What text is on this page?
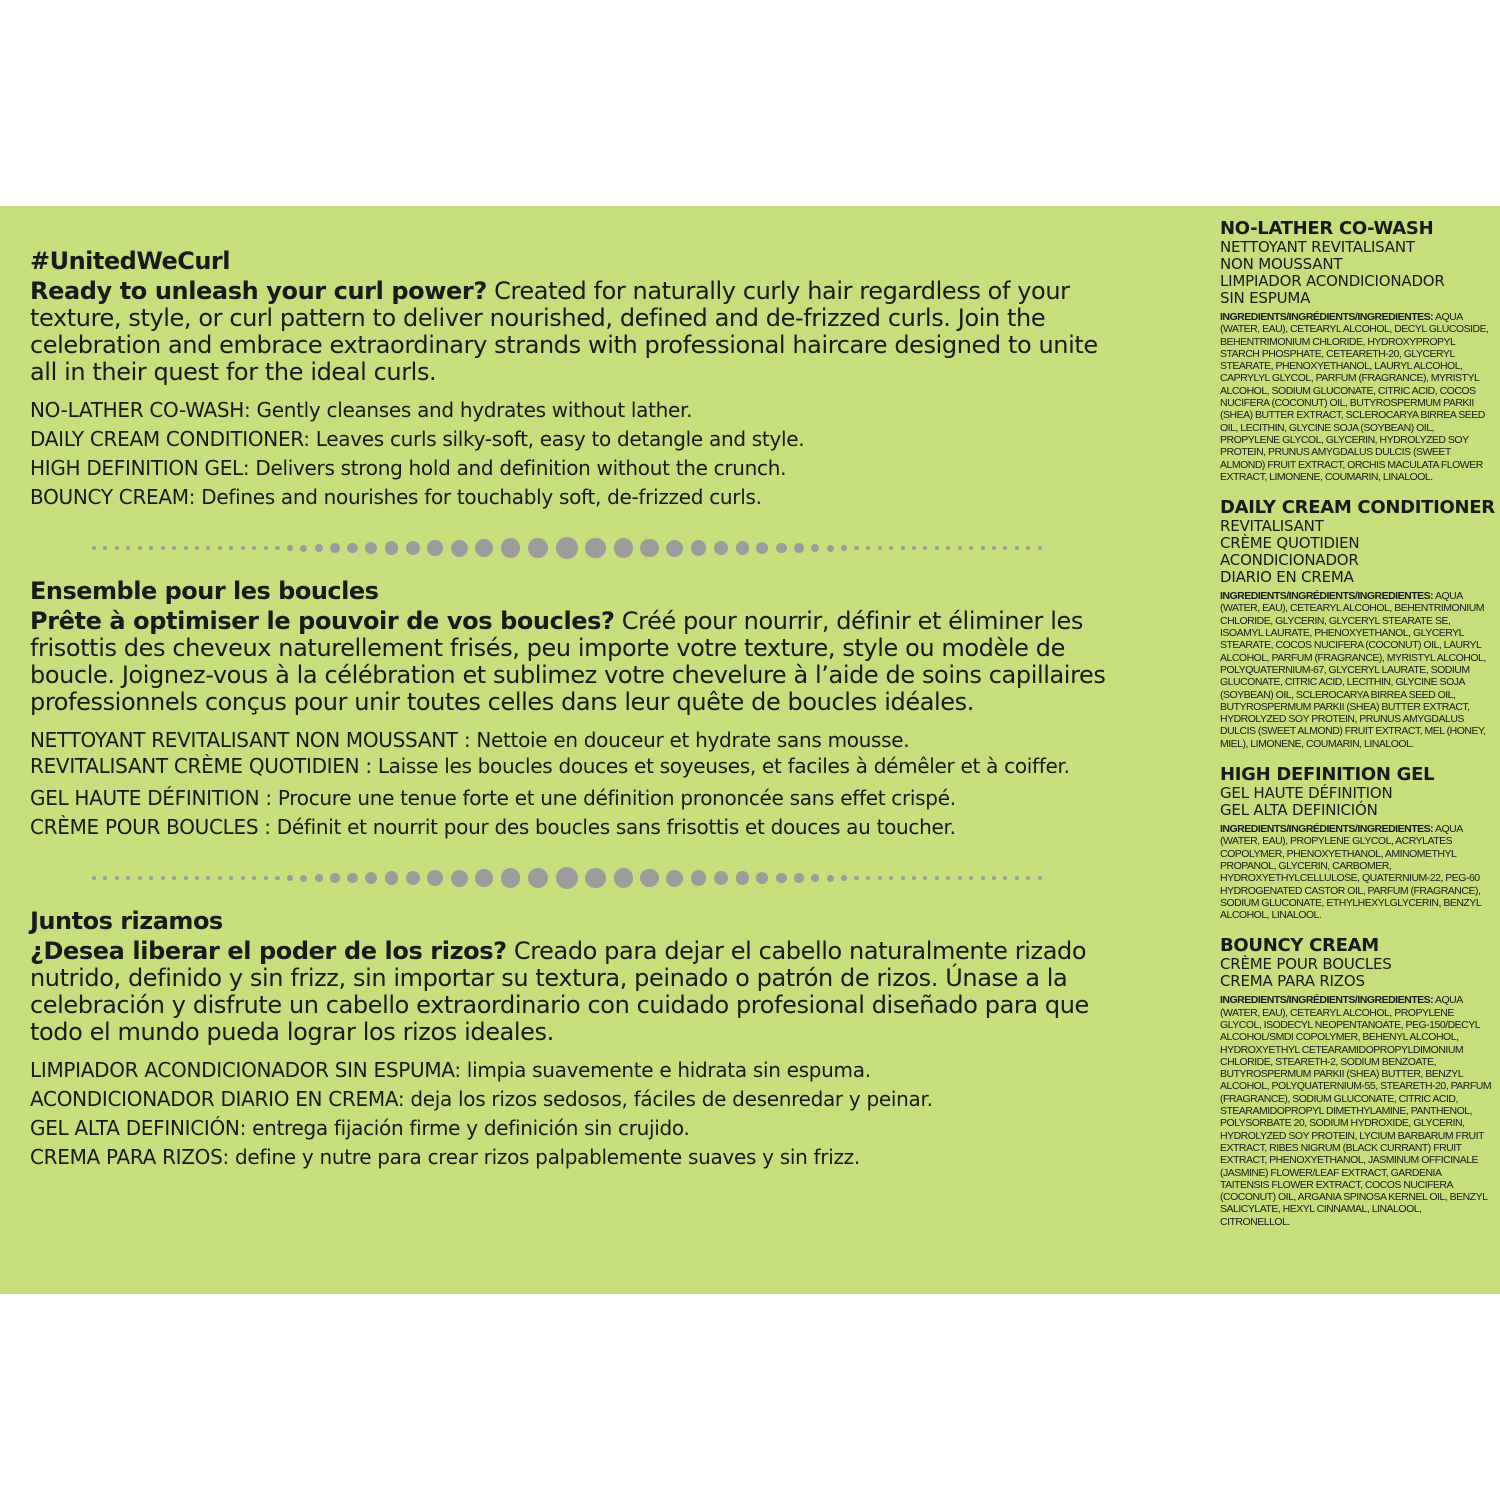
#UnitedWeCurl
Ready to unleash your curl power? Created for naturally curly hair regardless of your texture, style, or curl pattern to deliver nourished, defined and de-frizzed curls. Join the celebration and embrace extraordinary strands with professional haircare designed to unite all in their quest for the ideal curls.
NO-LATHER CO-WASH: Gently cleanses and hydrates without lather.
DAILY CREAM CONDITIONER: Leaves curls silky-soft, easy to detangle and style.
HIGH DEFINITION GEL: Delivers strong hold and definition without the crunch.
BOUNCY CREAM: Defines and nourishes for touchably soft, de-frizzed curls.
Ensemble pour les boucles
Prête à optimiser le pouvoir de vos boucles? Créé pour nourrir, définir et éliminer les frisottis des cheveux naturellement frisés, peu importe votre texture, style ou modèle de boucle. Joignez-vous à la célébration et sublimez votre chevelure à l’aide de soins capillaires professionnels conçus pour unir toutes celles dans leur quête de boucles idéales.
NETTOYANT REVITALISANT NON MOUSSANT : Nettoie en douceur et hydrate sans mousse.
REVITALISANT CRÈME QUOTIDIEN : Laisse les boucles douces et soyeuses, et faciles à démêler et à coiffer.
GEL HAUTE DÉFINITION : Procure une tenue forte et une définition prononcée sans effet crispé.
CRÈME POUR BOUCLES : Définit et nourrit pour des boucles sans frisottis et douces au toucher.
Juntos rizamos
¿Desea liberar el poder de los rizos? Creado para dejar el cabello naturalmente rizado nutrido, definido y sin frizz, sin importar su textura, peinado o patrón de rizos. Únase a la celebración y disfrute un cabello extraordinario con cuidado profesional diseñado para que todo el mundo pueda lograr los rizos ideales.
LIMPIADOR ACONDICIONADOR SIN ESPUMA: limpia suavemente e hidrata sin espuma.
ACONDICIONADOR DIARIO EN CREMA: deja los rizos sedosos, fáciles de desenredar y peinar.
GEL ALTA DEFINICIÓN: entrega fijación firme y definición sin crujido.
CREMA PARA RIZOS: define y nutre para crear rizos palpablemente suaves y sin frizz.
NO-LATHER CO-WASH
NETTOYANT REVITALISANT
NON MOUSSANT
LIMPIADOR ACONDICIONADOR
SIN ESPUMA
INGREDIENTS/INGRÉDIENTS/INGREDIENTES: AQUA (WATER, EAU), CETEARYL ALCOHOL, DECYL GLUCOSIDE, BEHENTRIMONIUM CHLORIDE, HYDROXYPROPYL STARCH PHOSPHATE, CETEARETH-20, GLYCERYL STEARATE, PHENOXYETHANOL, LAURYL ALCOHOL, CAPRYLYL GLYCOL, PARFUM (FRAGRANCE), MYRISTYL ALCOHOL, SODIUM GLUCONATE, CITRIC ACID, COCOS NUCIFERA (COCONUT) OIL, BUTYROSPERMUM PARKII (SHEA) BUTTER EXTRACT, SCLEROCARYA BIRREA SEED OIL, LECITHIN, GLYCINE SOJA (SOYBEAN) OIL, PROPYLENE GLYCOL, GLYCERIN, HYDROLYZED SOY PROTEIN, PRUNUS AMYGDALUS DULCIS (SWEET ALMOND) FRUIT EXTRACT, ORCHIS MACULATA FLOWER EXTRACT, LIMONENE, COUMARIN, LINALOOL.
DAILY CREAM CONDITIONER
REVITALISANT
CRÈME QUOTIDIEN
ACONDICIONADOR
DIARIO EN CREMA
INGREDIENTS/INGRÉDIENTS/INGREDIENTES: AQUA (WATER, EAU), CETEARYL ALCOHOL, BEHENTRIMONIUM CHLORIDE, GLYCERIN, GLYCERYL STEARATE SE, ISOAMYL LAURATE, PHENOXYETHANOL, GLYCERYL STEARATE, COCOS NUCIFERA (COCONUT) OIL, LAURYL ALCOHOL, PARFUM (FRAGRANCE), MYRISTYL ALCOHOL, POLYQUATERNIUM-67, GLYCERYL LAURATE, SODIUM GLUCONATE, CITRIC ACID, LECITHIN, GLYCINE SOJA (SOYBEAN) OIL, SCLEROCARYA BIRREA SEED OIL, BUTYROSPERMUM PARKII (SHEA) BUTTER EXTRACT, HYDROLYZED SOY PROTEIN, PRUNUS AMYGDALUS DULCIS (SWEET ALMOND) FRUIT EXTRACT, MEL (HONEY, MIEL), LIMONENE, COUMARIN, LINALOOL.
HIGH DEFINITION GEL
GEL HAUTE DÉFINITION
GEL ALTA DEFINICIÓN
INGREDIENTS/INGRÉDIENTS/INGREDIENTES: AQUA (WATER, EAU), PROPYLENE GLYCOL, ACRYLATES COPOLYMER, PHENOXYETHANOL, AMINOMETHYL PROPANOL, GLYCERIN, CARBOMER, HYDROXYETHYLCELLULOSE, QUATERNIUM-22, PEG-60 HYDROGENATED CASTOR OIL, PARFUM (FRAGRANCE), SODIUM GLUCONATE, ETHYLHEXYLGLYCERIN, BENZYL ALCOHOL, LINALOOL.
BOUNCY CREAM
CRÈME POUR BOUCLES
CREMA PARA RIZOS
INGREDIENTS/INGRÉDIENTS/INGREDIENTES: AQUA (WATER, EAU), CETEARYL ALCOHOL, PROPYLENE GLYCOL, ISODECYL NEOPENTANOATE, PEG-150/DECYL ALCOHOL/SMDI COPOLYMER, BEHENYL ALCOHOL, HYDROXYETHYL CETEARAMIDOPROPYLDIMONIUM CHLORIDE, STEARETH-2, SODIUM BENZOATE, BUTYROSPERMUM PARKII (SHEA) BUTTER, BENZYL ALCOHOL, POLYQUATERNIUM-55, STEARETH-20, PARFUM (FRAGRANCE), SODIUM GLUCONATE, CITRIC ACID, STEARAMIDOPROPYL DIMETHYLAMINE, PANTHENOL, POLYSORBATE 20, SODIUM HYDROXIDE, GLYCERIN, HYDROLYZED SOY PROTEIN, LYCIUM BARBARUM FRUIT EXTRACT, RIBES NIGRUM (BLACK CURRANT) FRUIT EXTRACT, PHENOXYETHANOL, JASMINUM OFFICINALE (JASMINE) FLOWER/LEAF EXTRACT, GARDENIA TAITENSIS FLOWER EXTRACT, COCOS NUCIFERA (COCONUT) OIL, ARGANIA SPINOSA KERNEL OIL, BENZYL SALICYLATE, HEXYL CINNAMAL, LINALOOL, CITRONELLOL.
